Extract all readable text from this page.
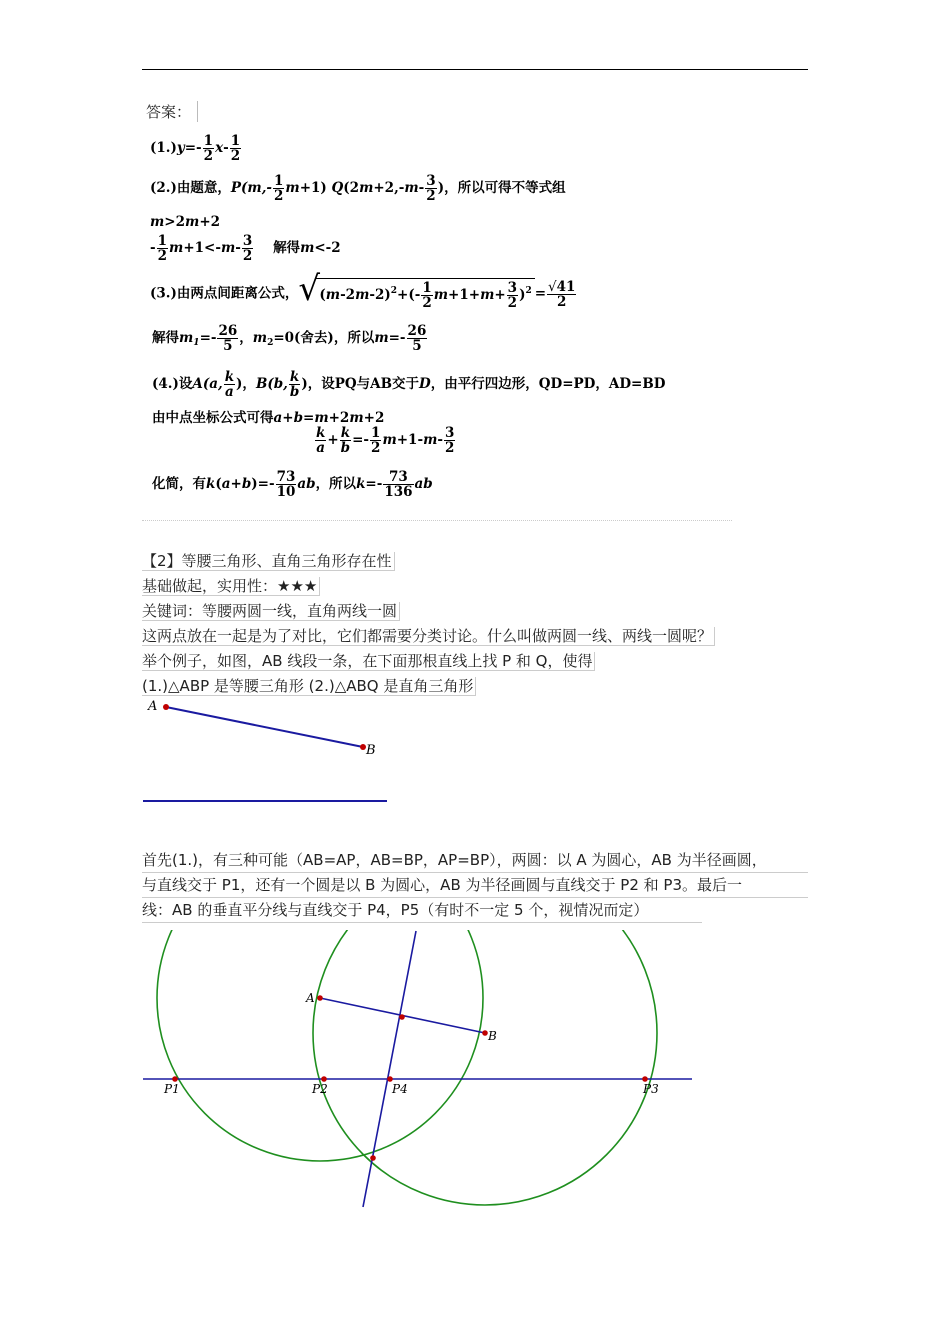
答案：
$(1.)y=- \frac{1}{2} x- \frac{1}{2}$
(2.)由题意，$P(m,- \frac{1}{2} m+1)$ $Q(2m+2,-m- \frac{3}{2}$ )，所以可得不等式组
m>2m+2
- $\frac{1}{2} m+1<-m- \frac{3}{2}$ 解得m<-2
(3.)由两点间距离公式， √ $(m-2m-2)^2+(- \frac{1}{2} m+1+m+ \frac{3}{2} )^2 = \frac{√41}{2}$
解得$m_1=- \frac{26}{5}$ ，$m_2=0$(舍去)，所以$m=- \frac{26}{5}$
(4.)设A(a, $\frac{k}{a}$ )，B(b, $\frac{k}{b}$ )，设PQ与AB交于D，由平行四边形，QD=PD，AD=BD
由中点坐标公式可得a+b=m+2m+2
$\frac{k}{a} + \frac{k}{b} =- \frac{1}{2} m+1-m- \frac{3}{2}$
化简，有$k(a+b)=- \frac{73}{10}$ ab，所以$k=- \frac{73}{136}$ ab
【2】等腰三角形、直角三角形存在性
基础做起，实用性：★★★
关键词：等腰两圆一线，直角两线一圆
这两点放在一起是为了对比，它们都需要分类讨论。什么叫做两圆一线、两线一圆呢？
举个例子，如图，AB 线段一条，在下面那根直线上找 P 和 Q，使得
(1.)△ABP 是等腰三角形 (2.)△ABQ 是直角三角形
A
B
首先(1.)，有三种可能（AB=AP，AB=BP，AP=BP），两圆：以 A 为圆心，AB 为半径画圆，
与直线交于 P1，还有一个圆是以 B 为圆心，AB 为半径画圆与直线交于 P2 和 P3。最后一
线：AB 的垂直平分线与直线交于 P4，P5（有时不一定 5 个，视情况而定）
A
B
P1	P2	P4	P3
